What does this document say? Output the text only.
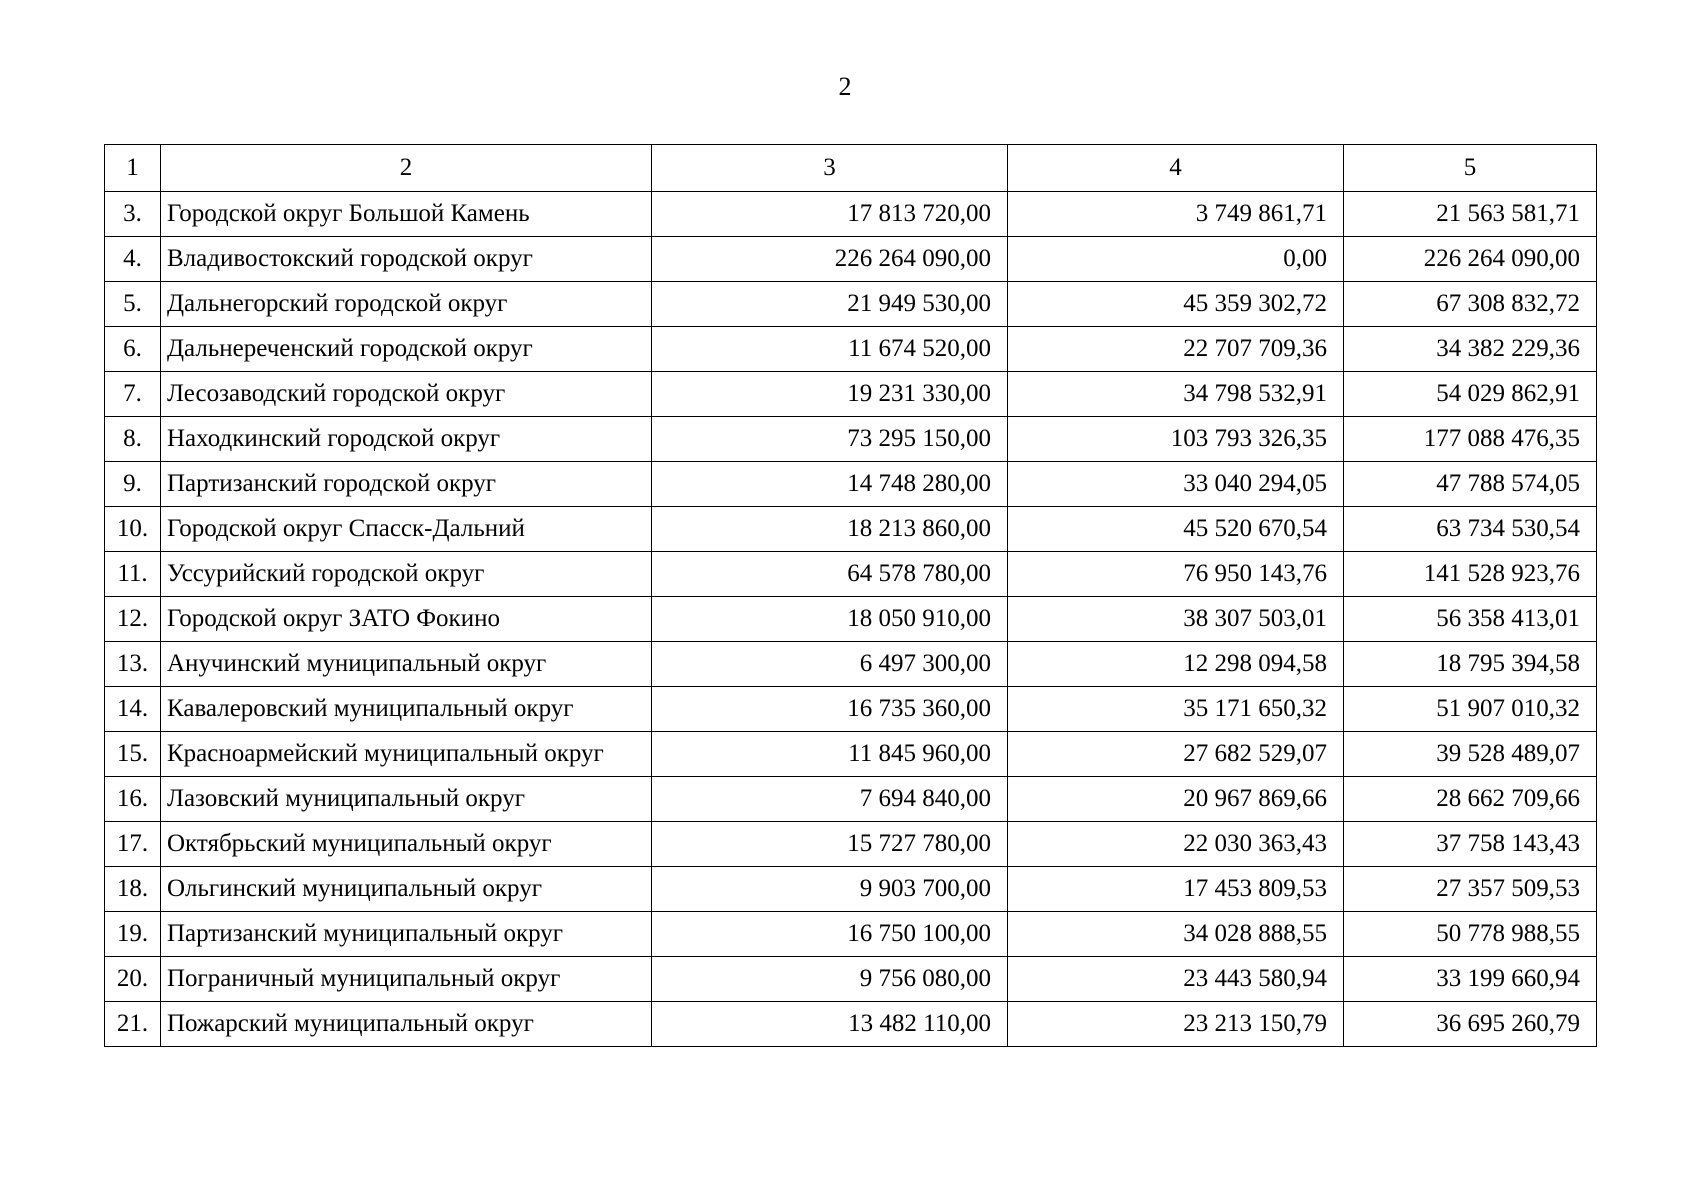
2
1	2	3	4	5
3.	Городской округ Большой Камень	17 813 720,00	3 749 861,71	21 563 581,71
4.	Владивостокский городской округ	226 264 090,00	0,00	226 264 090,00
5.	Дальнегорский городской округ	21 949 530,00	45 359 302,72	67 308 832,72
6.	Дальнереченский городской округ	11 674 520,00	22 707 709,36	34 382 229,36
7.	Лесозаводский городской округ	19 231 330,00	34 798 532,91	54 029 862,91
8.	Находкинский городской округ	73 295 150,00	103 793 326,35	177 088 476,35
9.	Партизанский городской округ	14 748 280,00	33 040 294,05	47 788 574,05
10.	Городской округ Спасск-Дальний	18 213 860,00	45 520 670,54	63 734 530,54
11.	Уссурийский городской округ	64 578 780,00	76 950 143,76	141 528 923,76
12.	Городской округ ЗАТО Фокино	18 050 910,00	38 307 503,01	56 358 413,01
13.	Анучинский муниципальный округ	6 497 300,00	12 298 094,58	18 795 394,58
14.	Кавалеровский муниципальный округ	16 735 360,00	35 171 650,32	51 907 010,32
15.	Красноармейский муниципальный округ	11 845 960,00	27 682 529,07	39 528 489,07
16.	Лазовский муниципальный округ	7 694 840,00	20 967 869,66	28 662 709,66
17.	Октябрьский муниципальный округ	15 727 780,00	22 030 363,43	37 758 143,43
18.	Ольгинский муниципальный округ	9 903 700,00	17 453 809,53	27 357 509,53
19.	Партизанский муниципальный округ	16 750 100,00	34 028 888,55	50 778 988,55
20.	Пограничный муниципальный округ	9 756 080,00	23 443 580,94	33 199 660,94
21.	Пожарский муниципальный округ	13 482 110,00	23 213 150,79	36 695 260,79
